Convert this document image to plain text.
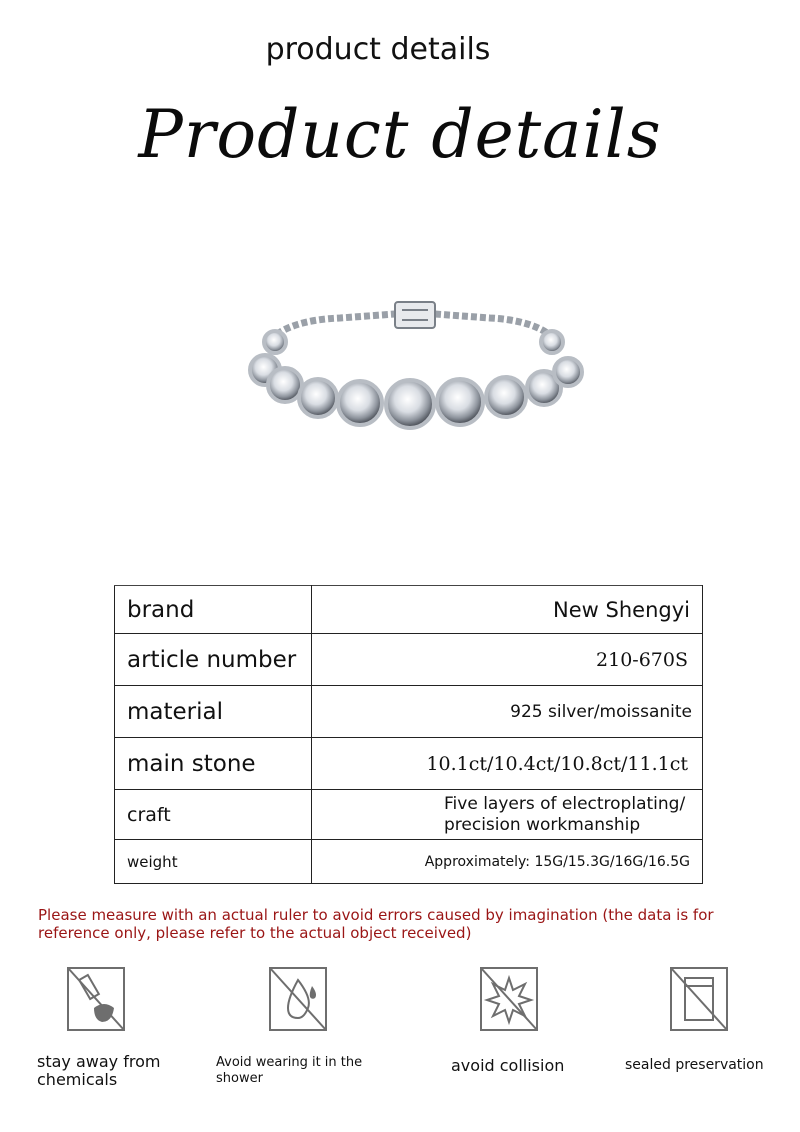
product details
Product details
brand	New Shengyi
article number	210-670S
material	925 silver/moissanite
main stone	10.1ct/10.4ct/10.8ct/11.1ct
craft	Five layers of electroplating/
precision workmanship

weight	Approximately: 15G/15.3G/16G/16.5G
Please measure with an actual ruler to avoid errors caused by imagination (the data is for reference only, please refer to the actual object received)
stay away from chemicals
Avoid wearing it in the shower
avoid collision	sealed preservation
